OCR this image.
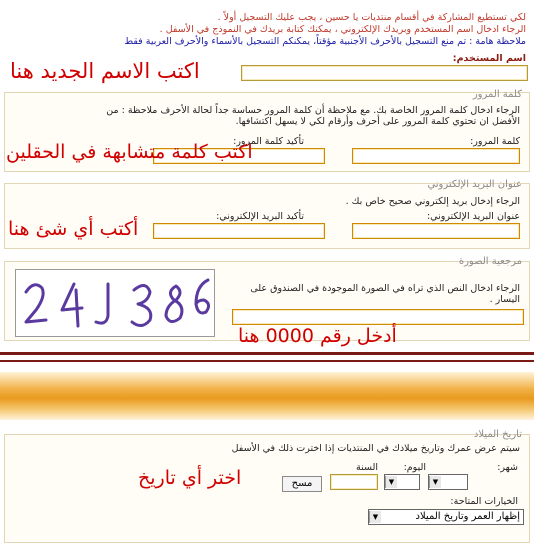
لكي تستطيع المشاركة في أقسام منتديات يا حسين ، يجب عليك التسجيل أولاً .
الرجاء ادخال اسم المستخدم وبريدك الإلكتروني ، يمكنك كتابة بريدك في النموذج في الأسفل .
ملاحظة هامة : تم منع التسجيل بالأحرف الأجنبية مؤقتاً، يمكنكم التسجيل بالأسماء والأحرف العربية فقط
اسم المستخدم:
اكتب الاسم الجديد هنا
كلمة المرور
الرجاء ادخال كلمة المرور الخاصة بك. مع ملاحظة أن كلمة المرور حساسة جداً لحالة الأحرف ملاحظة : من
الأفضل ان تحتوي كلمة المرور على أحرف وأرقام لكي لا يسهل اكتشافها.
كلمة المرور:
تأكيد كلمة المرور:
اكتب كلمة متشابهة في الحقلين
عنوان البريد الإلكتروني
الرجاء إدخال بريد إلكتروني صحيح خاص بك .
عنوان البريد الإلكتروني:
تأكيد البريد الإلكتروني:
أكتب أي شئ هنا
مرجعية الصورة
الرجاء ادخال النص الذي تراه في الصورة الموجودة في الصندوق على اليسار .
أدخل رقم 0000 هنا
تاريخ الميلاد
سيتم عرض عمرك وتاريخ ميلادك في المنتديات إذا اخترت ذلك في الأسفل
شهر:
اليوم:
السنة
▼
▼
مسح
اختر أي تاريخ
الخيارات المتاحة:
▼	إظهار العمر وتاريخ الميلاد
